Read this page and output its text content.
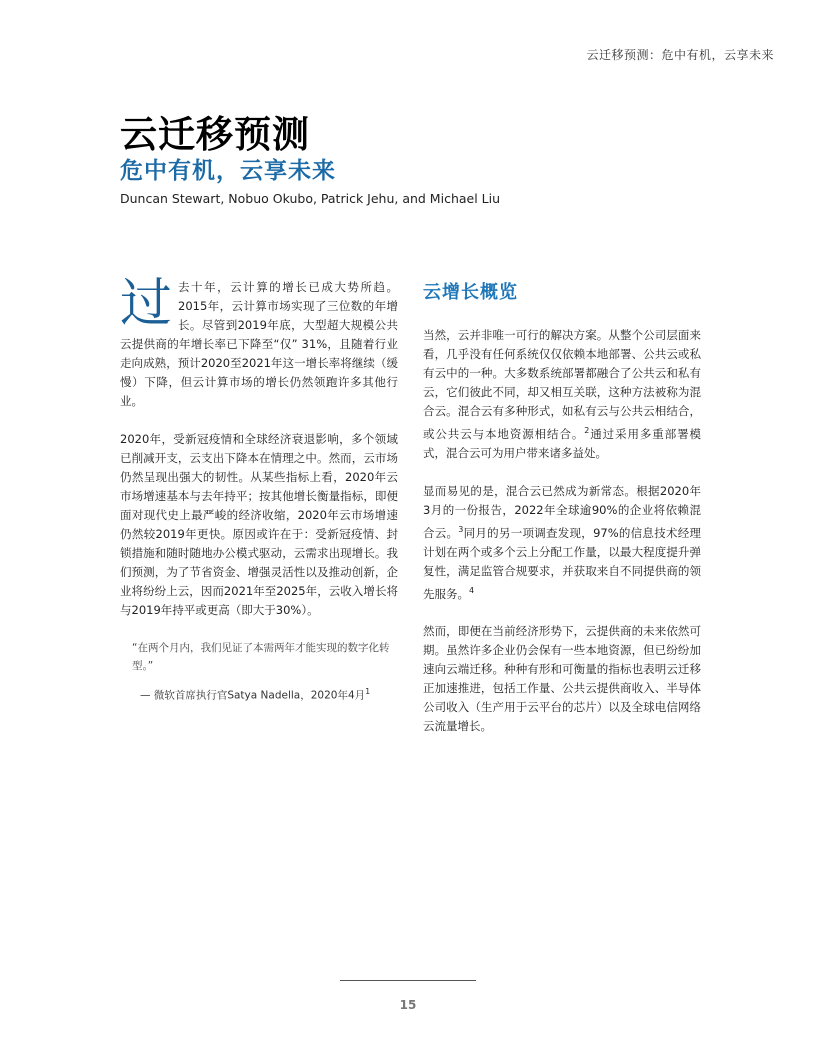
云迁移预测：危中有机，云享未来
云迁移预测
危中有机，云享未来
Duncan Stewart, Nobuo Okubo, Patrick Jehu, and Michael Liu

过去十年，云计算的增长已成大势所趋。2015年，云计算市场实现了三位数的年增长。尽管到2019年底，大型超大规模公共云提供商的年增长率已下降至“仅” 31%，且随着行业走向成熟，预计2020至2021年这一增长率将继续（缓慢）下降，但云计算市场的增长仍然领跑许多其他行业。

2020年，受新冠疫情和全球经济衰退影响，多个领域已削减开支，云支出下降本在情理之中。然而，云市场仍然呈现出强大的韧性。从某些指标上看，2020年云市场增速基本与去年持平；按其他增长衡量指标，即便面对现代史上最严峻的经济收缩，2020年云市场增速仍然较2019年更快。原因或许在于：受新冠疫情、封锁措施和随时随地办公模式驱动，云需求出现增长。我们预测，为了节省资金、增强灵活性以及推动创新，企业将纷纷上云，因而2021年至2025年，云收入增长将与2019年持平或更高（即大于30%）。

“在两个月内，我们见证了本需两年才能实现的数字化转型。”

— 微软首席执行官Satya Nadella，2020年4月$^1$

云增长概览

当然，云并非唯一可行的解决方案。从整个公司层面来看，几乎没有任何系统仅仅依赖本地部署、公共云或私有云中的一种。大多数系统部署都融合了公共云和私有云，它们彼此不同，却又相互关联，这种方法被称为混合云。混合云有多种形式，如私有云与公共云相结合，或公共云与本地资源相结合。$^2$通过采用多重部署模式，混合云可为用户带来诸多益处。

显而易见的是，混合云已然成为新常态。根据2020年3月的一份报告，2022年全球逾90%的企业将依赖混合云。$^3$同月的另一项调查发现，97%的信息技术经理计划在两个或多个云上分配工作量，以最大程度提升弹复性，满足监管合规要求，并获取来自不同提供商的领先服务。$^4$

然而，即便在当前经济形势下，云提供商的未来依然可期。虽然许多企业仍会保有一些本地资源，但已纷纷加速向云端迁移。种种有形和可衡量的指标也表明云迁移正加速推进，包括工作量、公共云提供商收入、半导体公司收入（生产用于云平台的芯片）以及全球电信网络云流量增长。

15
